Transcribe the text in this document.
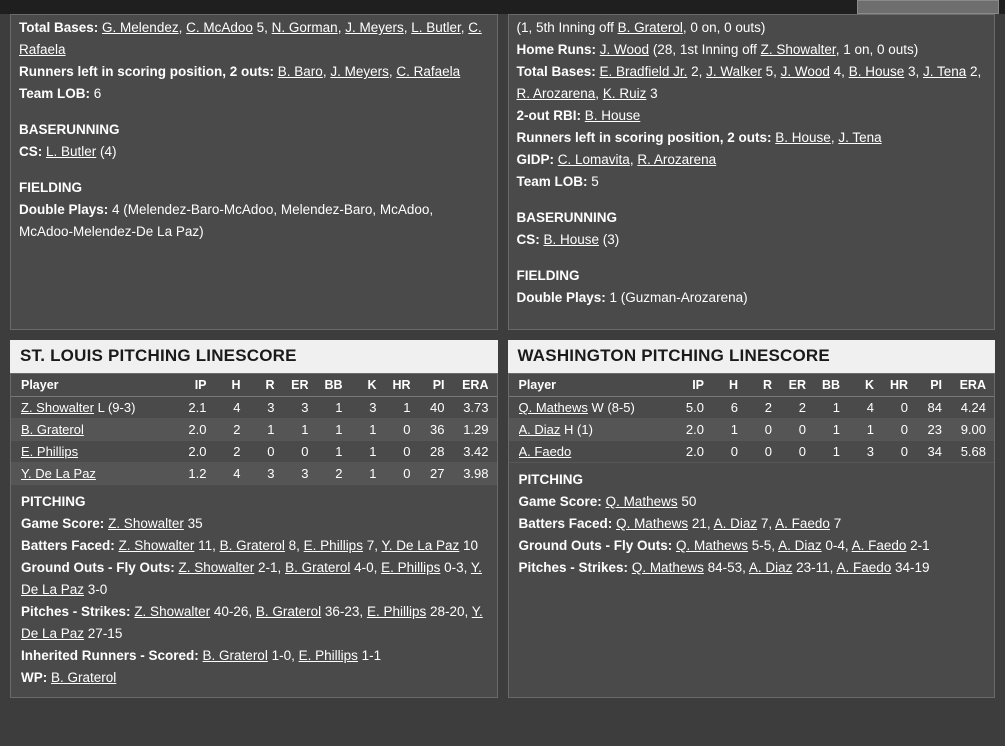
Total Bases: G. Melendez, C. McAdoo 5, N. Gorman, J. Meyers, L. Butler, C. Rafaela
Runners left in scoring position, 2 outs: B. Baro, J. Meyers, C. Rafaela
Team LOB: 6
BASERUNNING
CS: L. Butler (4)
FIELDING
Double Plays: 4 (Melendez-Baro-McAdoo, Melendez-Baro, McAdoo, McAdoo-Melendez-De La Paz)
(1, 5th Inning off B. Graterol, 0 on, 0 outs)
Home Runs: J. Wood (28, 1st Inning off Z. Showalter, 1 on, 0 outs)
Total Bases: E. Bradfield Jr. 2, J. Walker 5, J. Wood 4, B. House 3, J. Tena 2, R. Arozarena, K. Ruiz 3
2-out RBI: B. House
Runners left in scoring position, 2 outs: B. House, J. Tena
GIDP: C. Lomavita, R. Arozarena
Team LOB: 5
BASERUNNING
CS: B. House (3)
FIELDING
Double Plays: 1 (Guzman-Arozarena)
ST. LOUIS PITCHING LINESCORE	WASHINGTON PITCHING LINESCORE
Player	IP	H	R	ER	BB	K	HR	PI	ERA
Z. Showalter L (9-3)	2.1	4	3	3	1	3	1	40	3.73
B. Graterol	2.0	2	1	1	1	1	0	36	1.29
E. Phillips	2.0	2	0	0	1	1	0	28	3.42
Y. De La Paz	1.2	4	3	3	2	1	0	27	3.98
PITCHING
Game Score: Z. Showalter 35
Batters Faced: Z. Showalter 11, B. Graterol 8, E. Phillips 7, Y. De La Paz 10
Ground Outs - Fly Outs: Z. Showalter 2-1, B. Graterol 4-0, E. Phillips 0-3, Y. De La Paz 3-0
Pitches - Strikes: Z. Showalter 40-26, B. Graterol 36-23, E. Phillips 28-20, Y. De La Paz 27-15
Inherited Runners - Scored: B. Graterol 1-0, E. Phillips 1-1
WP: B. Graterol
Player	IP	H	R	ER	BB	K	HR	PI	ERA
Q. Mathews W (8-5)	5.0	6	2	2	1	4	0	84	4.24
A. Diaz H (1)	2.0	1	0	0	1	1	0	23	9.00
A. Faedo	2.0	0	0	0	1	3	0	34	5.68
PITCHING
Game Score: Q. Mathews 50
Batters Faced: Q. Mathews 21, A. Diaz 7, A. Faedo 7
Ground Outs - Fly Outs: Q. Mathews 5-5, A. Diaz 0-4, A. Faedo 2-1
Pitches - Strikes: Q. Mathews 84-53, A. Diaz 23-11, A. Faedo 34-19
